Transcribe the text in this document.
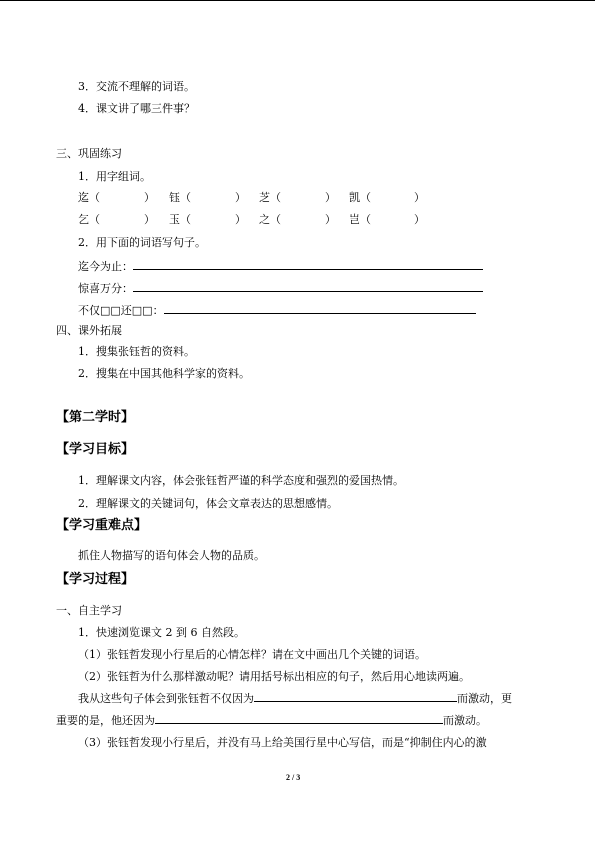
3．交流不理解的词语。
4．课文讲了哪三件事？
三、巩固练习
1．用字组词。
迄（	） 钰（	） 芝（	） 凯（	）
乞（	） 玉（	） 之（	） 岂（	）
2．用下面的词语写句子。
迄今为止：
惊喜万分：
不仅□□还□□：
四、课外拓展
1．搜集张钰哲的资料。
2．搜集在中国其他科学家的资料。
【第二学时】
【学习目标】
1．理解课文内容，体会张钰哲严谨的科学态度和强烈的爱国热情。
2．理解课文的关键词句，体会文章表达的思想感情。
【学习重难点】
抓住人物描写的语句体会人物的品质。
【学习过程】
一、自主学习
1．快速浏览课文 2 到 6 自然段。
（1）张钰哲发现小行星后的心情怎样？请在文中画出几个关键的词语。
（2）张钰哲为什么那样激动呢？请用括号标出相应的句子，然后用心地读两遍。
我从这些句子体会到张钰哲不仅因为	而激动，更
重要的是，他还因为	而激动。
（3）张钰哲发现小行星后，并没有马上给美国行星中心写信，而是“抑制住内心的激
2 / 3
